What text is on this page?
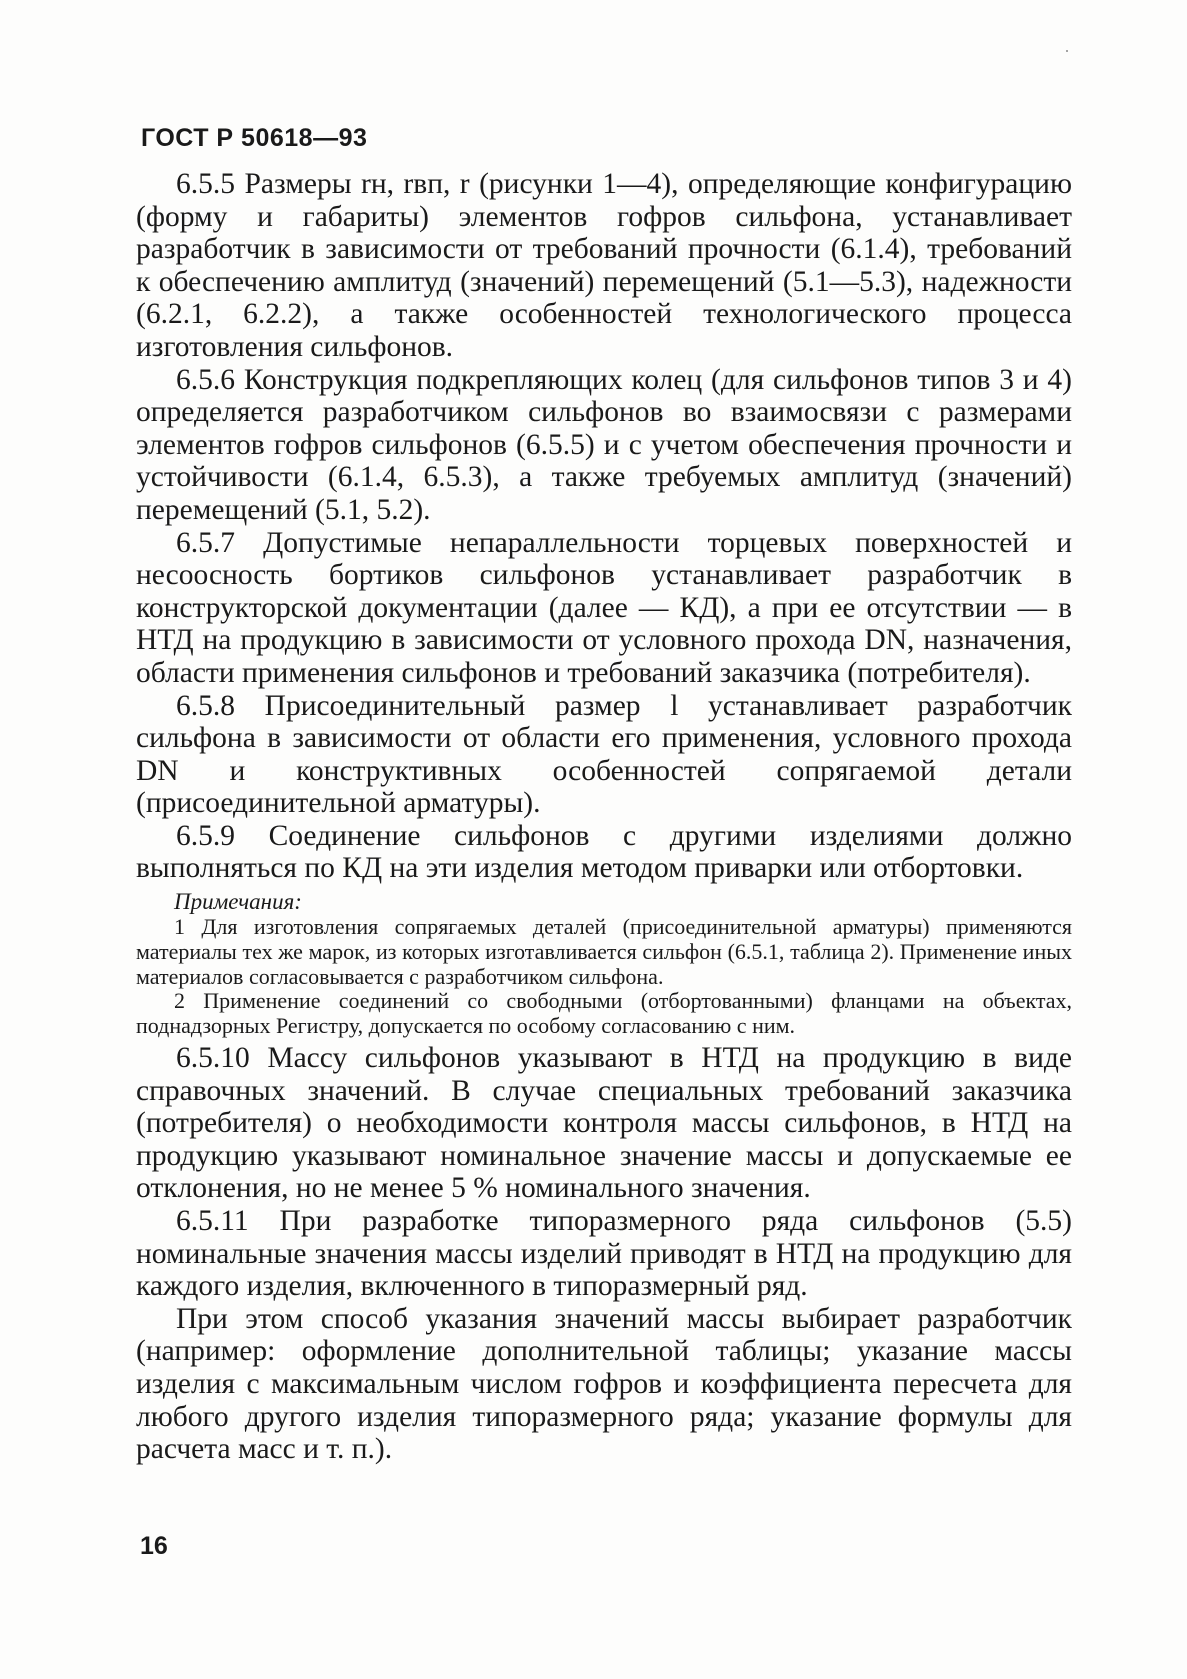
ГОСТ Р 50618—93

6.5.5 Размеры rн, rвп, r (рисунки 1—4), определяющие конфигурацию (форму и габариты) элементов гофров сильфона, устанавливает разработчик в зависимости от требований прочности (6.1.4), требований к обеспечению амплитуд (значений) перемещений (5.1—5.3), надежности (6.2.1, 6.2.2), а также особенностей технологического процесса изготовления сильфонов.

6.5.6 Конструкция подкрепляющих колец (для сильфонов типов 3 и 4) определяется разработчиком сильфонов во взаимосвязи с размерами элементов гофров сильфонов (6.5.5) и с учетом обеспечения прочности и устойчивости (6.1.4, 6.5.3), а также требуемых амплитуд (значений) перемещений (5.1, 5.2).

6.5.7 Допустимые непараллельности торцевых поверхностей и несоосность бортиков сильфонов устанавливает разработчик в конструкторской документации (далее — КД), а при ее отсутствии — в НТД на продукцию в зависимости от условного прохода DN, назначения, области применения сильфонов и требований заказчика (потребителя).

6.5.8 Присоединительный размер l устанавливает разработчик сильфона в зависимости от области его применения, условного прохода DN и конструктивных особенностей сопрягаемой детали (присоединительной арматуры).

6.5.9 Соединение сильфонов с другими изделиями должно выполняться по КД на эти изделия методом приварки или отбортовки.

Примечания:

1 Для изготовления сопрягаемых деталей (присоединительной арматуры) применяются материалы тех же марок, из которых изготавливается сильфон (6.5.1, таблица 2). Применение иных материалов согласовывается с разработчиком сильфона.

2 Применение соединений со свободными (отбортованными) фланцами на объектах, поднадзорных Регистру, допускается по особому согласованию с ним.

6.5.10 Массу сильфонов указывают в НТД на продукцию в виде справочных значений. В случае специальных требований заказчика (потребителя) о необходимости контроля массы сильфонов, в НТД на продукцию указывают номинальное значение массы и допускаемые ее отклонения, но не менее 5 % номинального значения.

6.5.11 При разработке типоразмерного ряда сильфонов (5.5) номинальные значения массы изделий приводят в НТД на продукцию для каждого изделия, включенного в типоразмерный ряд.

При этом способ указания значений массы выбирает разработчик (например: оформление дополнительной таблицы; указание массы изделия с максимальным числом гофров и коэффициента пересчета для любого другого изделия типоразмерного ряда; указание формулы для расчета масс и т. п.).

16
